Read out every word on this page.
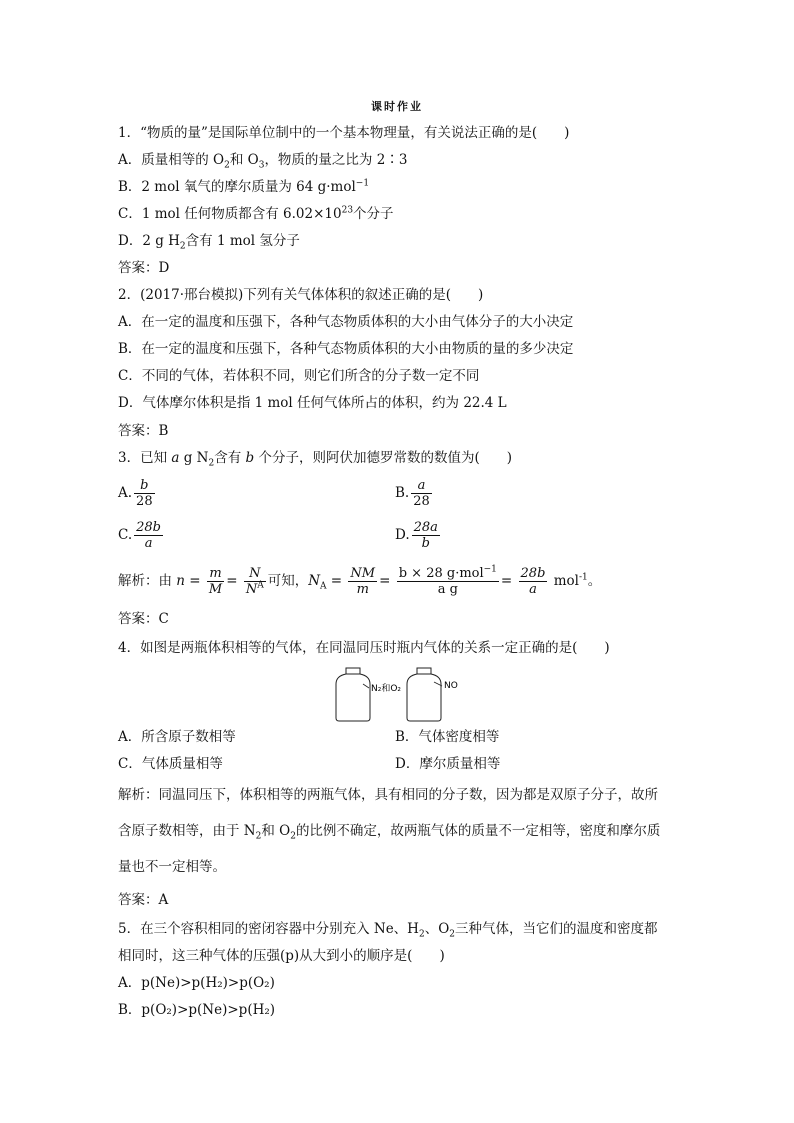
课时作业
1．“物质的量”是国际单位制中的一个基本物理量，有关说法正确的是(　　)
A．质量相等的 $O_2$和 $O_3$，物质的量之比为 2∶3
B．2 mol 氧气的摩尔质量为 64 g·mol$^{-1}$
C．1 mol 任何物质都含有 $6.02\times 10^{23}$个分子
D．2 g $H_2$含有 1 mol 氢分子
答案：D
2．(2017·邢台模拟)下列有关气体体积的叙述正确的是(　　)
A．在一定的温度和压强下，各种气态物质体积的大小由气体分子的大小决定
B．在一定的温度和压强下，各种气态物质体积的大小由物质的量的多少决定
C．不同的气体，若体积不同，则它们所含的分子数一定不同
D．气体摩尔体积是指 1 mol 任何气体所占的体积，约为 22.4 L
答案：B
3．已知 a g $N_2$含有 b 个分子，则阿伏加德罗常数的数值为(　　)
A. $\frac{b}{28}$	B. $\frac{a}{28}$
C. $\frac{28b}{a}$	D. $\frac{28a}{b}$
解析：由 $n = \frac{m}{M} = \frac{N}{N^A}$ 可知，$N_A = \frac{NM}{m} = \frac{b \times 28 g\cdot mol^{-1}}{\text{a g}} = \frac{28b}{a} mol^{-1}$。
答案：C
4．如图是两瓶体积相等的气体，在同温同压时瓶内气体的关系一定正确的是(　　)
N₂和O₂	NO
A．所含原子数相等	B．气体密度相等
C．气体质量相等	D．摩尔质量相等
解析：同温同压下，体积相等的两瓶气体，具有相同的分子数，因为都是双原子分子，故所
含原子数相等，由于 $N_2$和 $O_2$的比例不确定，故两瓶气体的质量不一定相等，密度和摩尔质
量也不一定相等。
答案：A
5．在三个容积相同的密闭容器中分别充入 Ne、$H_2$、$O_2$三种气体，当它们的温度和密度都
相同时，这三种气体的压强(p)从大到小的顺序是(　　)
A．p(Ne)>p(H₂)>p(O₂)
B．p(O₂)>p(Ne)>p(H₂)
